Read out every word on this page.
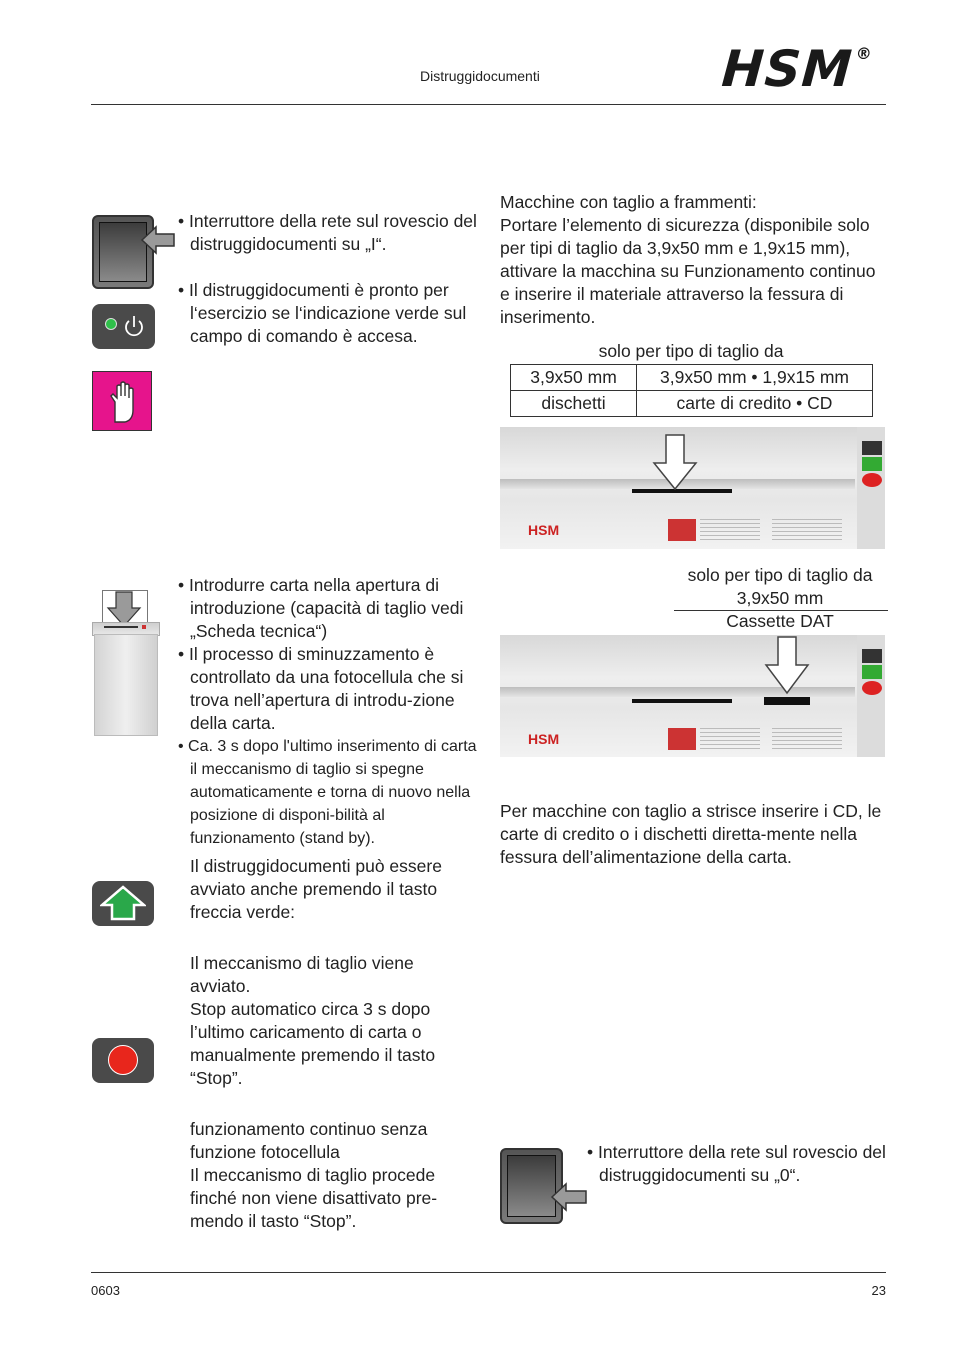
Distruggidocumenti	HSM®
• Interruttore della rete sul rovescio del distruggidocumenti su „I“.
• Il distruggidocumenti è pronto per l‘esercizio se l‘indicazione verde sul campo di comando è accesa.
• Introdurre carta nella apertura di introduzione (capacità di taglio vedi „Scheda tecnica“)
• Il processo di sminuzzamento è controllato da una fotocellula che si trova nell’apertura di introdu-zione della carta.
• Ca. 3 s dopo l'ultimo inserimento di carta il meccanismo di taglio si spegne automaticamente e torna di nuovo nella posizione di disponi-bilità al funzionamento (stand by).
Il distruggidocumenti può essere avviato anche premendo il tasto freccia verde:
Il meccanismo di taglio viene avviato.
Stop automatico circa 3 s dopo l’ultimo caricamento di carta o manualmente premendo il tasto “Stop”.
funzionamento continuo senza funzione fotocellula
Il meccanismo di taglio procede finché non viene disattivato pre-mendo il tasto “Stop”.
Macchine con taglio a frammenti:
Portare l’elemento di sicurezza (disponibile solo per tipi di taglio da 3,9x50 mm e 1,9x15 mm), attivare la macchina su Funzionamento continuo e inserire il materiale attraverso la fessura di inserimento.
solo per tipo di taglio da
3,9x50 mm	3,9x50 mm • 1,9x15 mm
dischetti	carte di credito • CD
HSM
solo per tipo di taglio da
3,9x50 mm
Cassette DAT
HSM
Per macchine con taglio a strisce inserire i CD, le carte di credito o i dischetti diretta-mente nella fessura dell’alimentazione della carta.
• Interruttore della rete sul rovescio del distruggidocumenti su „0“.
0603	23
